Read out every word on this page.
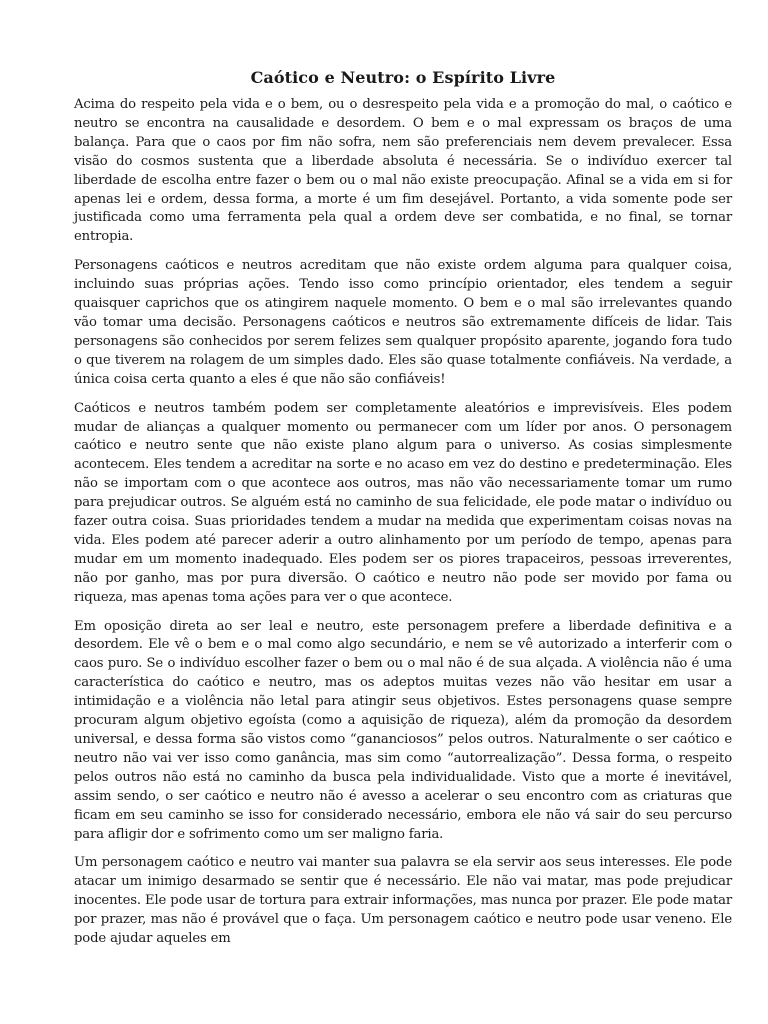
Caótico e Neutro: o Espírito Livre

Acima do respeito pela vida e o bem, ou o desrespeito pela vida e a promoção do mal, o caótico e neutro se encontra na causalidade e desordem. O bem e o mal expressam os braços de uma balança. Para que o caos por fim não sofra, nem são preferenciais nem devem prevalecer. Essa visão do cosmos sustenta que a liberdade absoluta é necessária. Se o indivíduo exercer tal liberdade de escolha entre fazer o bem ou o mal não existe preocupação. Afinal se a vida em si for apenas lei e ordem, dessa forma, a morte é um fim desejável. Portanto, a vida somente pode ser justificada como uma ferramenta pela qual a ordem deve ser combatida, e no final, se tornar entropia.

Personagens caóticos e neutros acreditam que não existe ordem alguma para qualquer coisa, incluindo suas próprias ações. Tendo isso como princípio orientador, eles tendem a seguir quaisquer caprichos que os atingirem naquele momento. O bem e o mal são irrelevantes quando vão tomar uma decisão. Personagens caóticos e neutros são extremamente difíceis de lidar. Tais personagens são conhecidos por serem felizes sem qualquer propósito aparente, jogando fora tudo o que tiverem na rolagem de um simples dado. Eles são quase totalmente confiáveis. Na verdade, a única coisa certa quanto a eles é que não são confiáveis!

Caóticos e neutros também podem ser completamente aleatórios e imprevisíveis. Eles podem mudar de alianças a qualquer momento ou permanecer com um líder por anos. O personagem caótico e neutro sente que não existe plano algum para o universo. As cosias simplesmente acontecem. Eles tendem a acreditar na sorte e no acaso em vez do destino e predeterminação. Eles não se importam com o que acontece aos outros, mas não vão necessariamente tomar um rumo para prejudicar outros. Se alguém está no caminho de sua felicidade, ele pode matar o indivíduo ou fazer outra coisa. Suas prioridades tendem a mudar na medida que experimentam coisas novas na vida. Eles podem até parecer aderir a outro alinhamento por um período de tempo, apenas para mudar em um momento inadequado. Eles podem ser os piores trapaceiros, pessoas irreverentes, não por ganho, mas por pura diversão. O caótico e neutro não pode ser movido por fama ou riqueza, mas apenas toma ações para ver o que acontece.

Em oposição direta ao ser leal e neutro, este personagem prefere a liberdade definitiva e a desordem. Ele vê o bem e o mal como algo secundário, e nem se vê autorizado a interferir com o caos puro. Se o indivíduo escolher fazer o bem ou o mal não é de sua alçada. A violência não é uma característica do caótico e neutro, mas os adeptos muitas vezes não vão hesitar em usar a intimidação e a violência não letal para atingir seus objetivos. Estes personagens quase sempre procuram algum objetivo egoísta (como a aquisição de riqueza), além da promoção da desordem universal, e dessa forma são vistos como “gananciosos” pelos outros. Naturalmente o ser caótico e neutro não vai ver isso como ganância, mas sim como “autorrealização”. Dessa forma, o respeito pelos outros não está no caminho da busca pela individualidade. Visto que a morte é inevitável, assim sendo, o ser caótico e neutro não é avesso a acelerar o seu encontro com as criaturas que ficam em seu caminho se isso for considerado necessário, embora ele não vá sair do seu percurso para afligir dor e sofrimento como um ser maligno faria.

Um personagem caótico e neutro vai manter sua palavra se ela servir aos seus interesses. Ele pode atacar um inimigo desarmado se sentir que é necessário. Ele não vai matar, mas pode prejudicar inocentes. Ele pode usar de tortura para extrair informações, mas nunca por prazer. Ele pode matar por prazer, mas não é provável que o faça. Um personagem caótico e neutro pode usar veneno. Ele pode ajudar aqueles em
